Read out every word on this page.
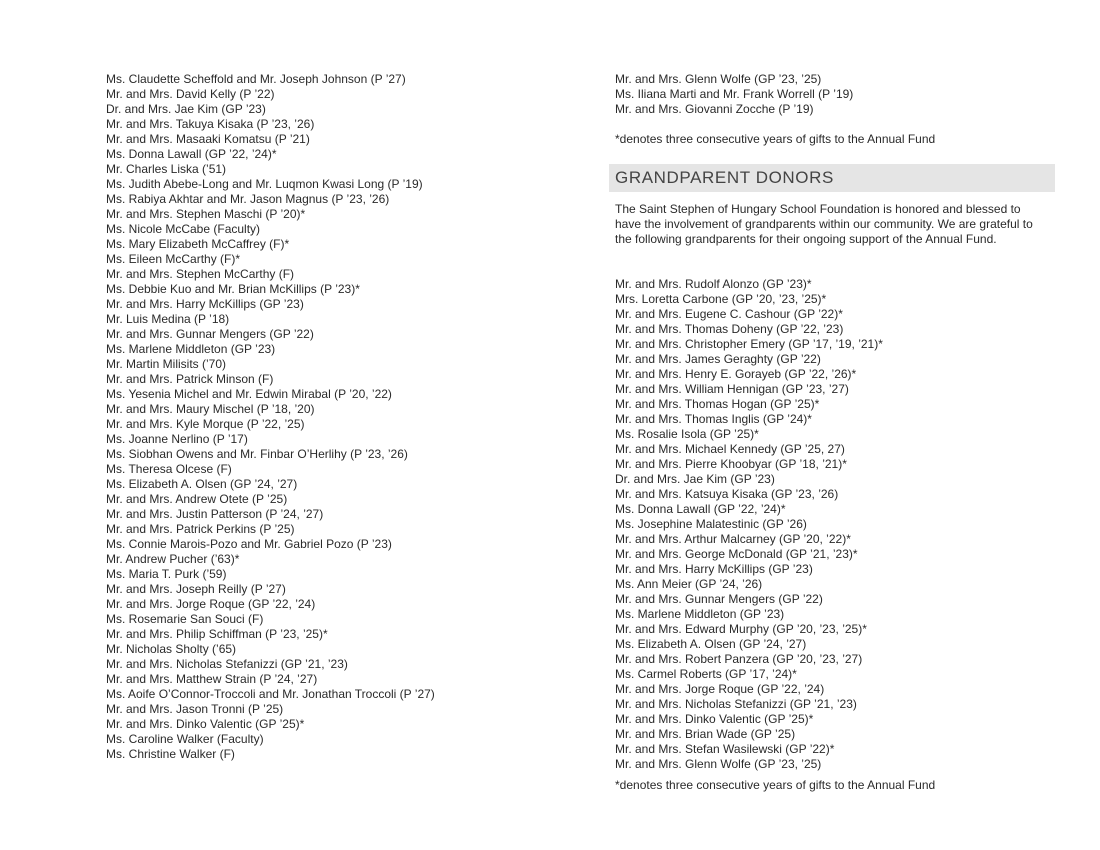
Ms. Claudette Scheffold and Mr. Joseph Johnson (P ’27)
Mr. and Mrs. David Kelly (P ’22)
Dr. and Mrs. Jae Kim (GP ’23)
Mr. and Mrs. Takuya Kisaka (P ’23, ’26)
Mr. and Mrs. Masaaki Komatsu (P ’21)
Ms. Donna Lawall (GP ’22, ’24)*
Mr. Charles Liska (’51)
Ms. Judith Abebe-Long and Mr. Luqmon Kwasi Long (P ’19)
Ms. Rabiya Akhtar and Mr. Jason Magnus (P ’23, ’26)
Mr. and Mrs. Stephen Maschi (P ’20)*
Ms. Nicole McCabe (Faculty)
Ms. Mary Elizabeth McCaffrey (F)*
Ms. Eileen McCarthy (F)*
Mr. and Mrs. Stephen McCarthy (F)
Ms. Debbie Kuo and Mr. Brian McKillips (P ’23)*
Mr. and Mrs. Harry McKillips (GP ’23)
Mr. Luis Medina (P ’18)
Mr. and Mrs. Gunnar Mengers (GP ’22)
Ms. Marlene Middleton (GP ’23)
Mr. Martin Milisits (’70)
Mr. and Mrs. Patrick Minson (F)
Ms. Yesenia Michel and Mr. Edwin Mirabal (P ’20, ’22)
Mr. and Mrs. Maury Mischel (P ’18, ’20)
Mr. and Mrs. Kyle Morque (P ’22, ’25)
Ms. Joanne Nerlino (P ’17)
Ms. Siobhan Owens and Mr. Finbar O’Herlihy (P ’23, ’26)
Ms. Theresa Olcese (F)
Ms. Elizabeth A. Olsen (GP ’24, ’27)
Mr. and Mrs. Andrew Otete (P ’25)
Mr. and Mrs. Justin Patterson (P ’24, ’27)
Mr. and Mrs. Patrick Perkins (P ’25)
Ms. Connie Marois-Pozo and Mr. Gabriel Pozo (P ’23)
Mr. Andrew Pucher (’63)*
Ms. Maria T. Purk (’59)
Mr. and Mrs. Joseph Reilly (P ’27)
Mr. and Mrs. Jorge Roque (GP ’22, ’24)
Ms. Rosemarie San Souci (F)
Mr. and Mrs. Philip Schiffman (P ’23, ’25)*
Mr. Nicholas Sholty (’65)
Mr. and Mrs. Nicholas Stefanizzi (GP ’21, ’23)
Mr. and Mrs. Matthew Strain (P ’24, ’27)
Ms. Aoife O’Connor-Troccoli and Mr. Jonathan Troccoli (P ’27)
Mr. and Mrs. Jason Tronni (P ’25)
Mr. and Mrs. Dinko Valentic (GP ’25)*
Ms. Caroline Walker (Faculty)
Ms. Christine Walker (F)
Mr. and Mrs. Glenn Wolfe (GP ’23, ’25)
Ms. Iliana Marti and Mr. Frank Worrell (P ’19)
Mr. and Mrs. Giovanni Zocche (P ’19)
*denotes three consecutive years of gifts to the Annual Fund
GRANDPARENT DONORS
The Saint Stephen of Hungary School Foundation is honored and blessed to have the involvement of grandparents within our community. We are grateful to the following grandparents for their ongoing support of the Annual Fund.
Mr. and Mrs. Rudolf Alonzo (GP ’23)*
Mrs. Loretta Carbone (GP ’20, ’23, ’25)*
Mr. and Mrs. Eugene C. Cashour (GP ’22)*
Mr. and Mrs. Thomas Doheny (GP ’22, ’23)
Mr. and Mrs. Christopher Emery (GP ’17, ’19, ’21)*
Mr. and Mrs. James Geraghty (GP ’22)
Mr. and Mrs. Henry E. Gorayeb (GP ’22, ’26)*
Mr. and Mrs. William Hennigan (GP ’23, ’27)
Mr. and Mrs. Thomas Hogan (GP ’25)*
Mr. and Mrs. Thomas Inglis (GP ’24)*
Ms. Rosalie Isola (GP ’25)*
Mr. and Mrs. Michael Kennedy (GP ’25, 27)
Mr. and Mrs. Pierre Khoobyar (GP ’18, ’21)*
Dr. and Mrs. Jae Kim (GP ’23)
Mr. and Mrs. Katsuya Kisaka (GP ’23, ’26)
Ms. Donna Lawall (GP ’22, ’24)*
Ms. Josephine Malatestinic (GP ’26)
Mr. and Mrs. Arthur Malcarney (GP ’20, ’22)*
Mr. and Mrs. George McDonald (GP ’21, ’23)*
Mr. and Mrs. Harry McKillips (GP ’23)
Ms. Ann Meier (GP ’24, ’26)
Mr. and Mrs. Gunnar Mengers (GP ’22)
Ms. Marlene Middleton (GP ’23)
Mr. and Mrs. Edward Murphy (GP ’20, ’23, ’25)*
Ms. Elizabeth A. Olsen (GP ’24, ’27)
Mr. and Mrs. Robert Panzera (GP ’20, ’23, ’27)
Ms. Carmel Roberts (GP ’17, ’24)*
Mr. and Mrs. Jorge Roque (GP ’22, ’24)
Mr. and Mrs. Nicholas Stefanizzi (GP ’21, ’23)
Mr. and Mrs. Dinko Valentic (GP ’25)*
Mr. and Mrs. Brian Wade (GP ’25)
Mr. and Mrs. Stefan Wasilewski (GP ’22)*
Mr. and Mrs. Glenn Wolfe (GP ’23, ’25)
*denotes three consecutive years of gifts to the Annual Fund
